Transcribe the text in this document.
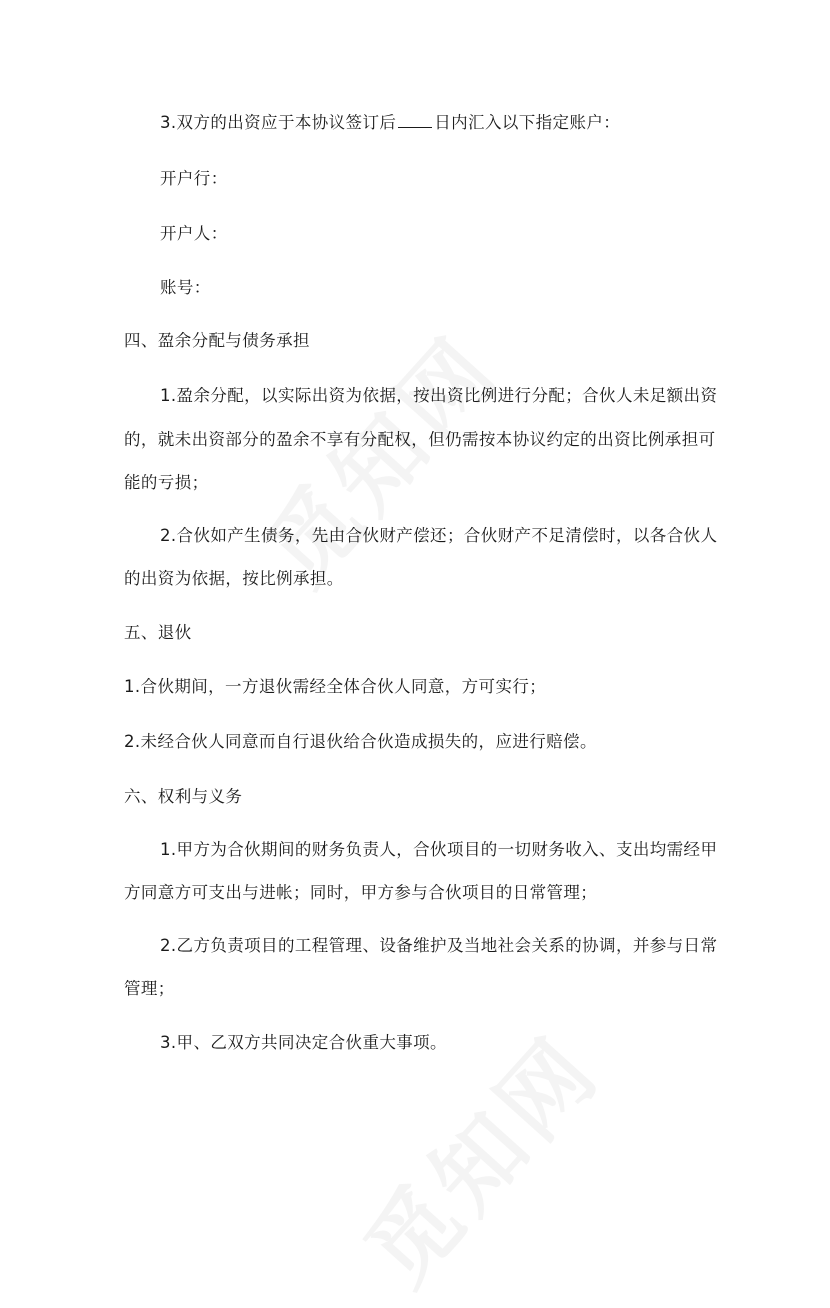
3.双方的出资应于本协议签订后 日内汇入以下指定账户：

开户行：

开户人：

账号：

四、盈余分配与债务承担

1.盈余分配，以实际出资为依据，按出资比例进行分配；合伙人未足额出资

的，就未出资部分的盈余不享有分配权，但仍需按本协议约定的出资比例承担可

能的亏损；

2.合伙如产生债务，先由合伙财产偿还；合伙财产不足清偿时，以各合伙人

的出资为依据，按比例承担。

五、退伙

1.合伙期间，一方退伙需经全体合伙人同意，方可实行；

2.未经合伙人同意而自行退伙给合伙造成损失的，应进行赔偿。

六、权利与义务

1.甲方为合伙期间的财务负责人，合伙项目的一切财务收入、支出均需经甲

方同意方可支出与进帐；同时，甲方参与合伙项目的日常管理；

2.乙方负责项目的工程管理、设备维护及当地社会关系的协调，并参与日常

管理；

3.甲、乙双方共同决定合伙重大事项。
